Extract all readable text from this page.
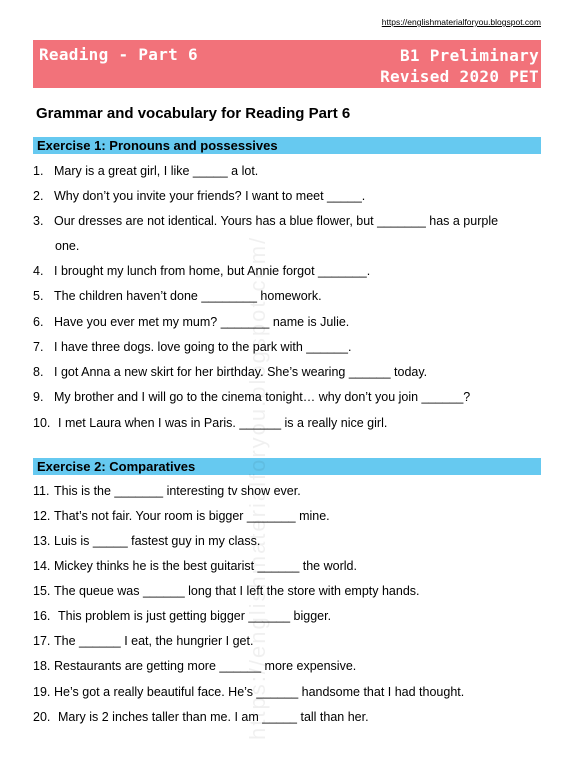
https://englishmaterialforyou.blogspot.com
Reading - Part 6	B1 Preliminary
Revised 2020 PET
Grammar and vocabulary for Reading Part 6
Exercise 1: Pronouns and possessives
1. Mary is a great girl, I like _____ a lot.
2. Why don’t you invite your friends? I want to meet _____.
3. Our dresses are not identical. Yours has a blue flower, but _______ has a purple
one.
4. I brought my lunch from home, but Annie forgot _______.
5. The children haven’t done ________ homework.
6. Have you ever met my mum? _______ name is Julie.
7. I have three dogs. love going to the park with ______.
8. I got Anna a new skirt for her birthday. She’s wearing ______ today.
9. My brother and I will go to the cinema tonight… why don’t you join ______?
10. I met Laura when I was in Paris. ______ is a really nice girl.
Exercise 2: Comparatives
11. This is the _______ interesting tv show ever.
12. That’s not fair. Your room is bigger _______ mine.
13. Luis is _____ fastest guy in my class.
14. Mickey thinks he is the best guitarist ______ the world.
15. The queue was ______ long that I left the store with empty hands.
16. This problem is just getting bigger ______ bigger.
17. The ______ I eat, the hungrier I get.
18. Restaurants are getting more ______ more expensive.
19. He’s got a really beautiful face. He’s ______ handsome that I had thought.
20. Mary is 2 inches taller than me. I am _____ tall than her.
https://englishmaterialforyou.blogspot.com/
